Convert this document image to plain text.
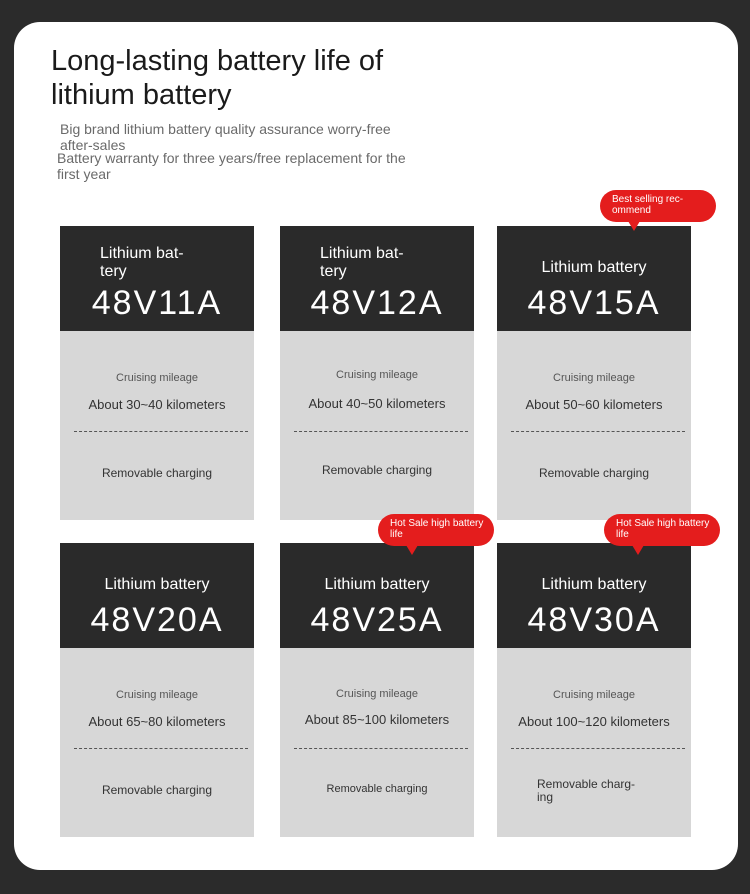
Long-lasting battery life of lithium battery

Big brand lithium battery quality assurance worry-free after-sales

Battery warranty for three years/free replacement for the first year

Lithium bat- tery
48V11A
Cruising mileage
About 30~40 kilometers
Removable charging
Lithium bat- tery
48V12A
Cruising mileage
About 40~50 kilometers
Removable charging
Lithium battery
48V15A
Cruising mileage
About 50~60 kilometers
Removable charging
Lithium battery
48V20A
Cruising mileage
About 65~80 kilometers
Removable charging
Lithium battery
48V25A
Cruising mileage
About 85~100 kilometers
Removable charging
Lithium battery
48V30A
Cruising mileage
About 100~120 kilometers
Removable charg- ing
Best selling rec- ommend
Hot Sale high battery life
Hot Sale high battery life
